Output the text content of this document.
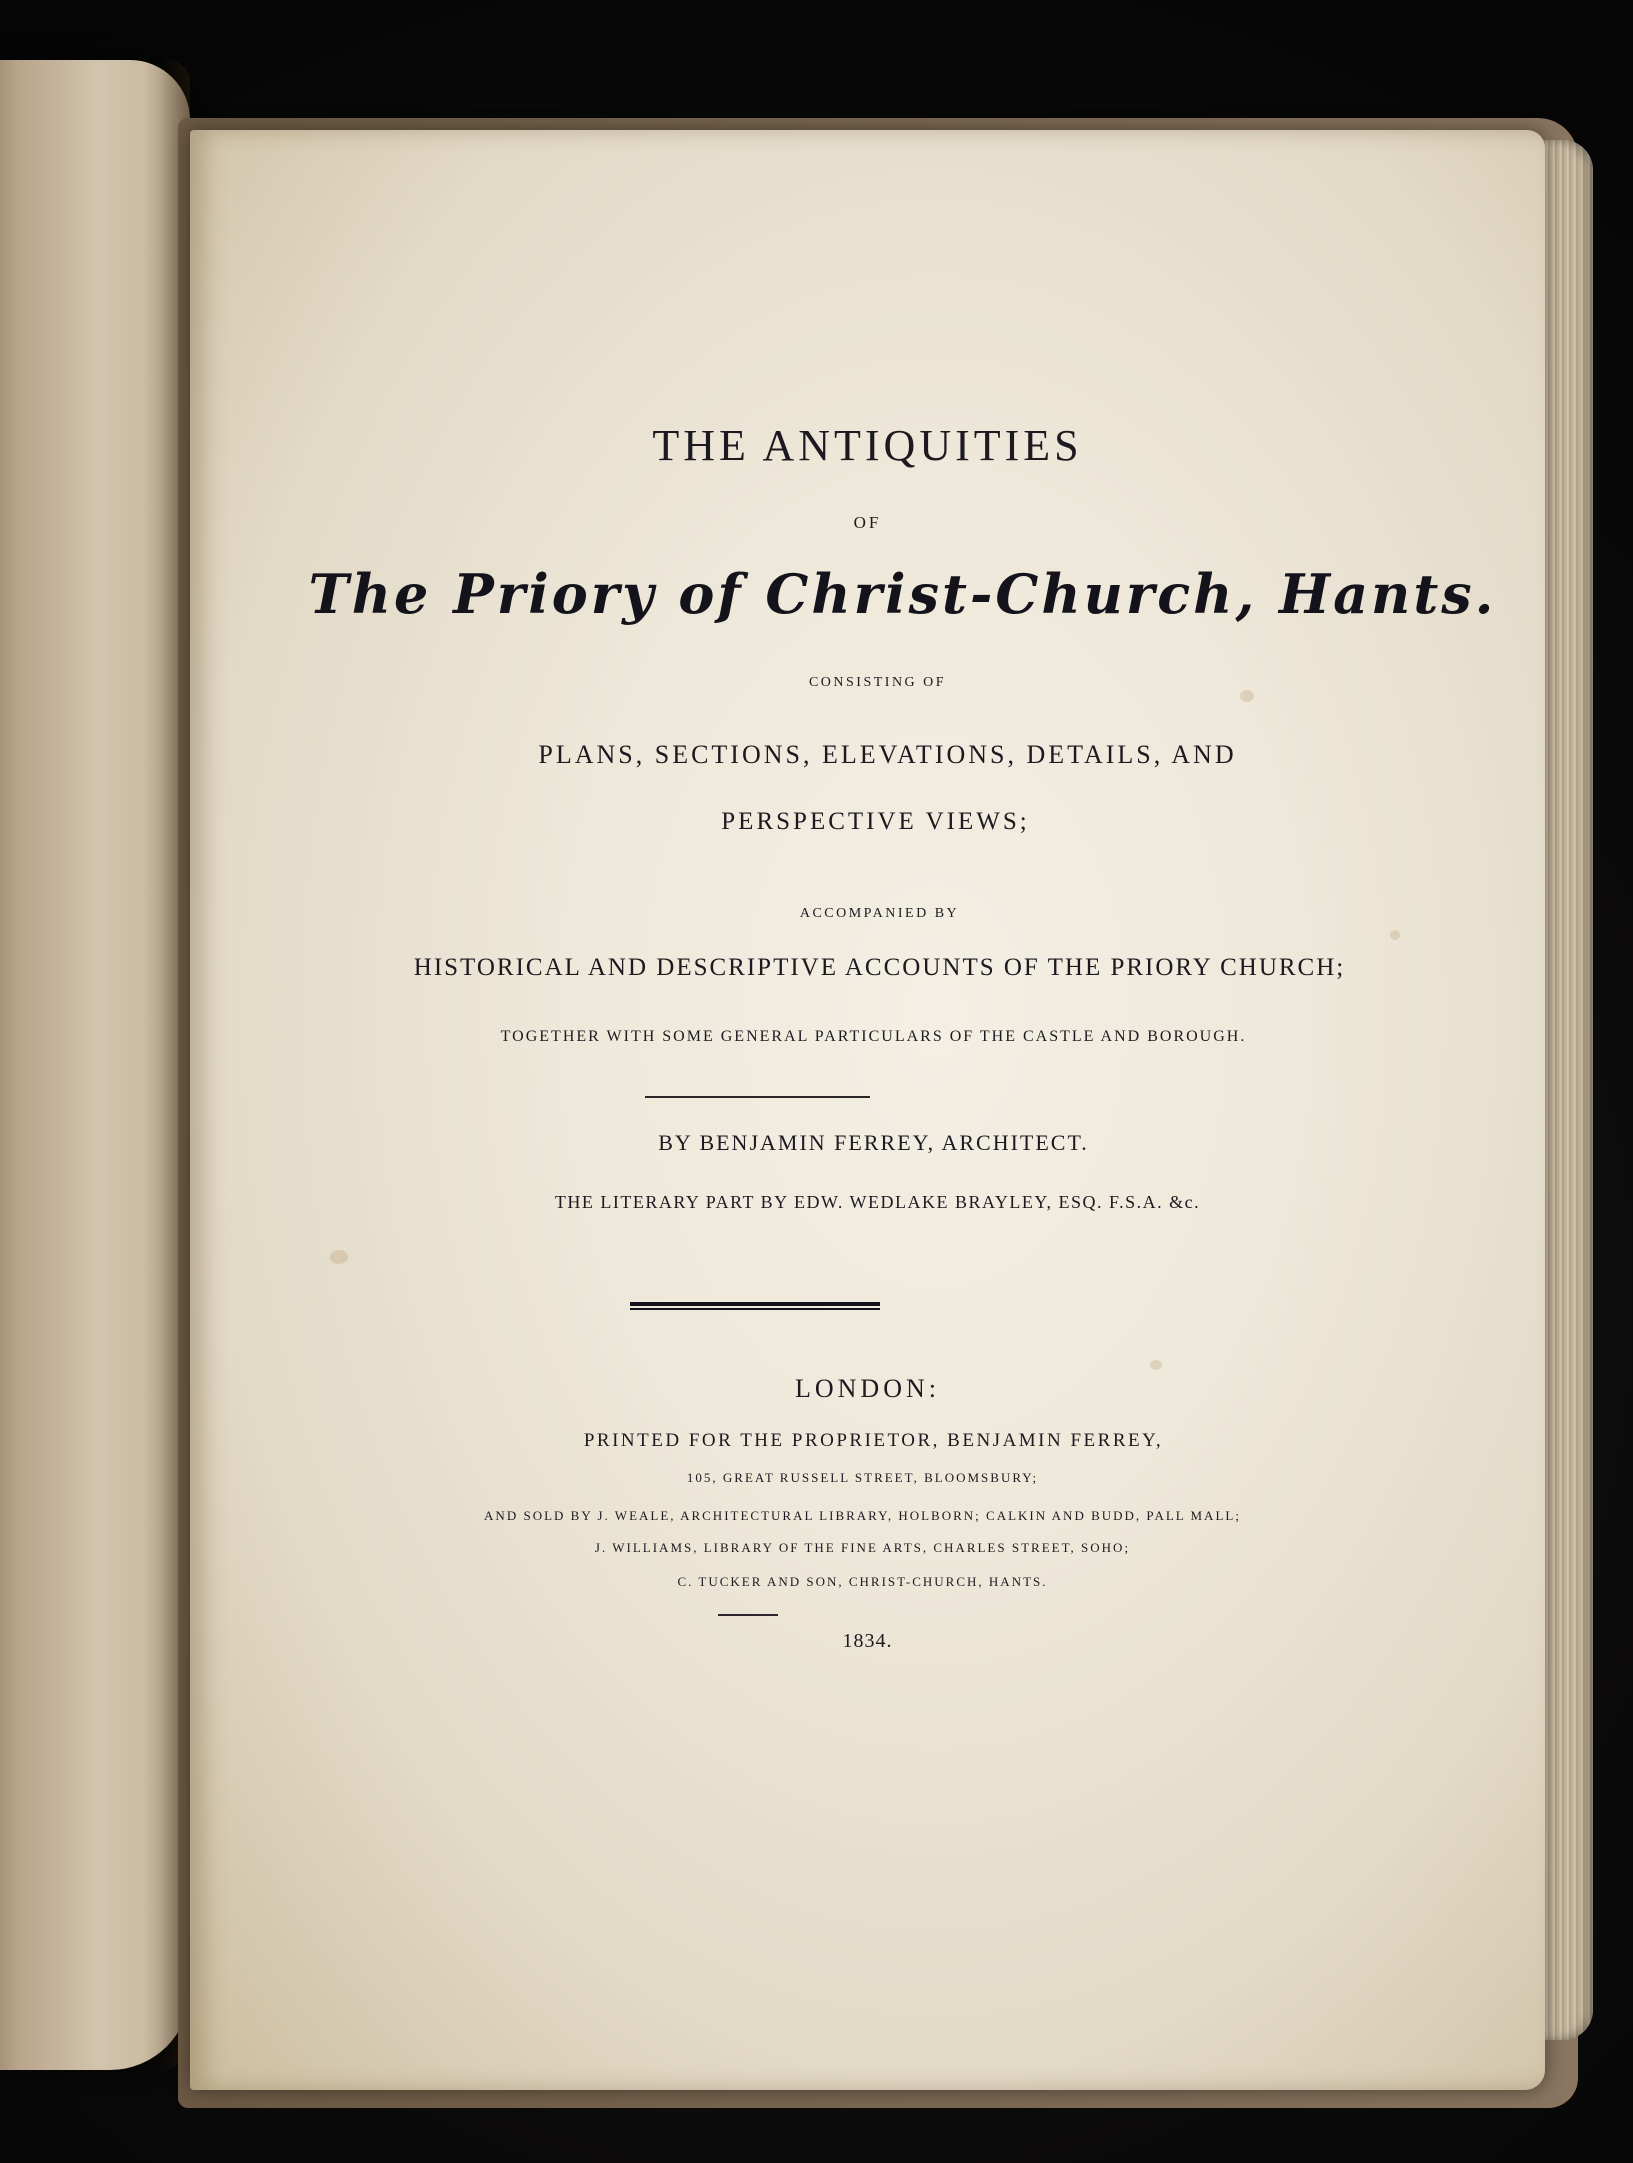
THE ANTIQUITIES
OF
The Priory of Christ-Church, Hants.
CONSISTING OF
PLANS, SECTIONS, ELEVATIONS, DETAILS, AND
PERSPECTIVE VIEWS;
ACCOMPANIED BY
HISTORICAL AND DESCRIPTIVE ACCOUNTS OF THE PRIORY CHURCH;
TOGETHER WITH SOME GENERAL PARTICULARS OF THE CASTLE AND BOROUGH.
BY BENJAMIN FERREY, ARCHITECT.
THE LITERARY PART BY EDW. WEDLAKE BRAYLEY, ESQ. F.S.A. &c.
LONDON:
PRINTED FOR THE PROPRIETOR, BENJAMIN FERREY,
105, GREAT RUSSELL STREET, BLOOMSBURY;
AND SOLD BY J. WEALE, ARCHITECTURAL LIBRARY, HOLBORN; CALKIN AND BUDD, PALL MALL;
J. WILLIAMS, LIBRARY OF THE FINE ARTS, CHARLES STREET, SOHO;
C. TUCKER AND SON, CHRIST-CHURCH, HANTS.
1834.
